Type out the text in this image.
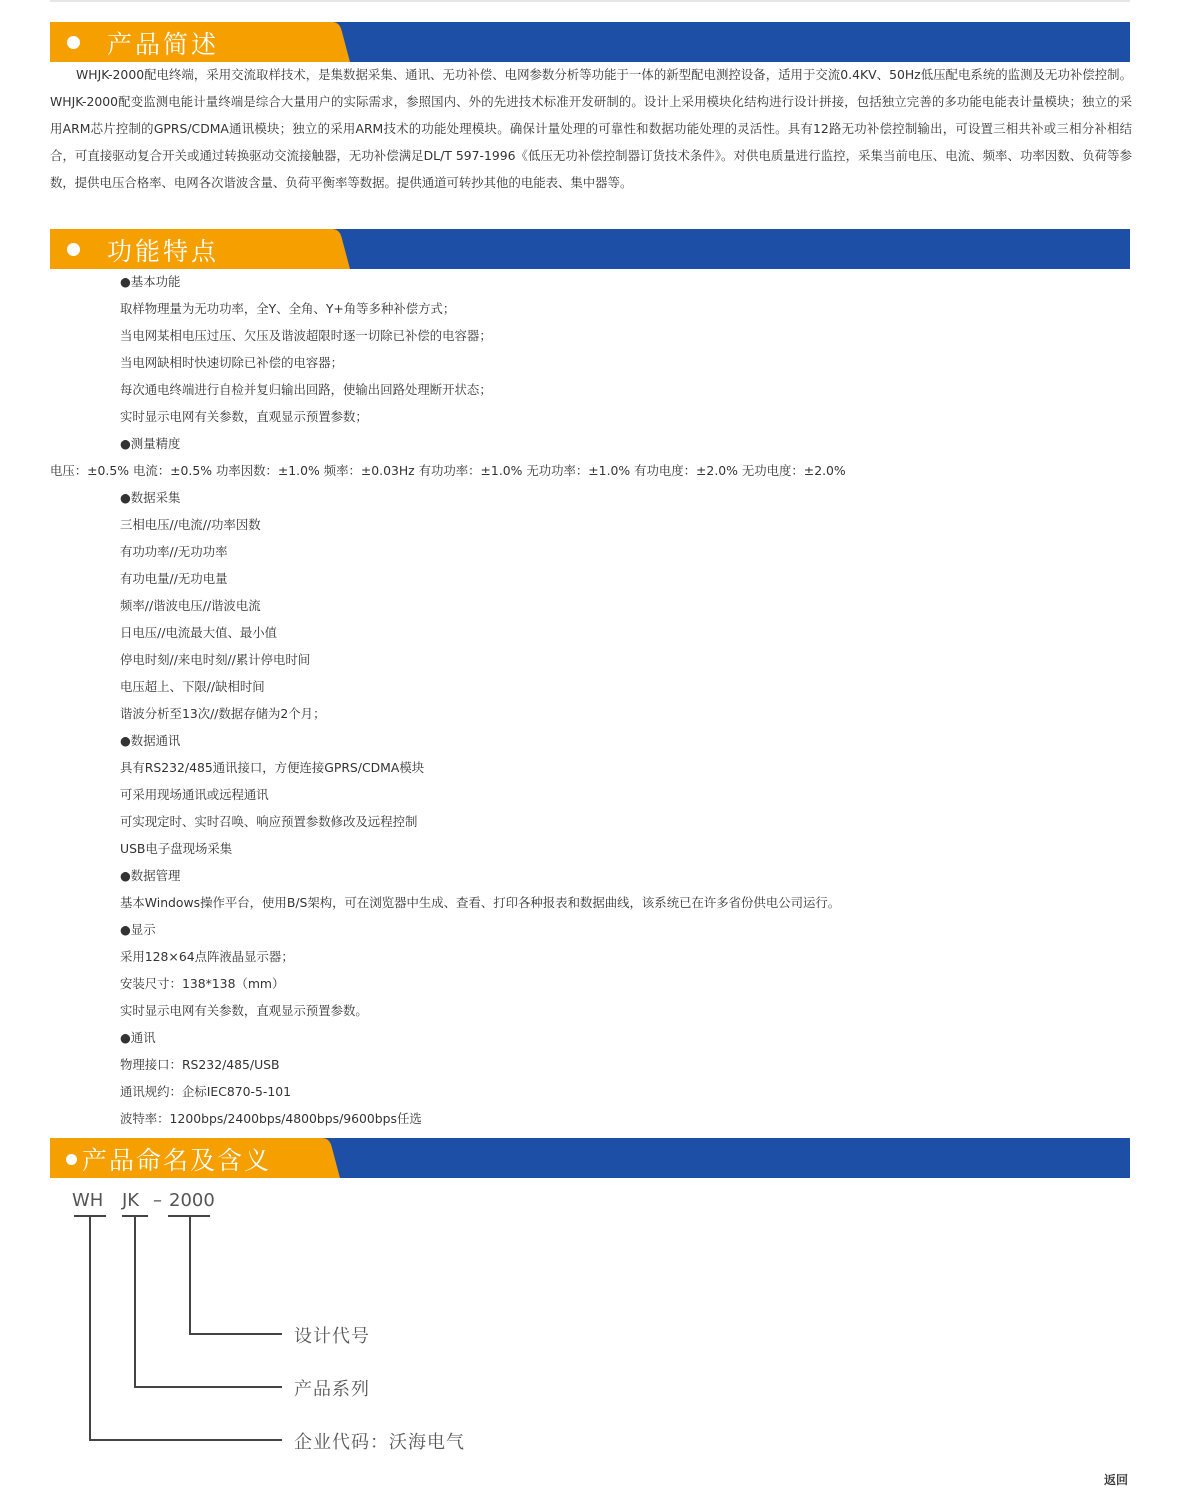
产品简述
WHJK-2000配电终端，采用交流取样技术，是集数据采集、通讯、无功补偿、电网参数分析等功能于一体的新型配电测控设备，适用于交流0.4KV、50Hz低压配电系统的监测及无功补偿控制。WHJK-2000配变监测电能计量终端是综合大量用户的实际需求，参照国内、外的先进技术标准开发研制的。设计上采用模块化结构进行设计拼接，包括独立完善的多功能电能表计量模块；独立的采用ARM芯片控制的GPRS/CDMA通讯模块；独立的采用ARM技术的功能处理模块。确保计量处理的可靠性和数据功能处理的灵活性。具有12路无功补偿控制输出，可设置三相共补或三相分补相结合，可直接驱动复合开关或通过转换驱动交流接触器，无功补偿满足DL/T 597-1996《低压无功补偿控制器订货技术条件》。对供电质量进行监控，采集当前电压、电流、频率、功率因数、负荷等参数，提供电压合格率、电网各次谐波含量、负荷平衡率等数据。提供通道可转抄其他的电能表、集中器等。
功能特点
●基本功能
取样物理量为无功功率，全Y、全角、Y+角等多种补偿方式；
当电网某相电压过压、欠压及谐波超限时逐一切除已补偿的电容器；
当电网缺相时快速切除已补偿的电容器；
每次通电终端进行自检并复归输出回路，使输出回路处理断开状态；
实时显示电网有关参数，直观显示预置参数；
●测量精度
电压：±0.5% 电流：±0.5% 功率因数：±1.0% 频率：±0.03Hz 有功功率：±1.0% 无功功率：±1.0% 有功电度：±2.0% 无功电度：±2.0%
●数据采集
三相电压//电流//功率因数
有功功率//无功功率
有功电量//无功电量
频率//谐波电压//谐波电流
日电压//电流最大值、最小值
停电时刻//来电时刻//累计停电时间
电压超上、下限//缺相时间
谐波分析至13次//数据存储为2个月；
●数据通讯
具有RS232/485通讯接口，方便连接GPRS/CDMA模块
可采用现场通讯或远程通讯
可实现定时、实时召唤、响应预置参数修改及远程控制
USB电子盘现场采集
●数据管理
基本Windows操作平台，使用B/S架构，可在浏览器中生成、查看、打印各种报表和数据曲线，该系统已在许多省份供电公司运行。
●显示
采用128×64点阵液晶显示器；
安装尺寸：138*138（mm）
实时显示电网有关参数，直观显示预置参数。
●通讯
物理接口：RS232/485/USB
通讯规约：企标IEC870-5-101
波特率：1200bps/2400bps/4800bps/9600bps任选
产品命名及含义
WH JK – 2000
设计代号
产品系列
企业代码：沃海电气
返回
